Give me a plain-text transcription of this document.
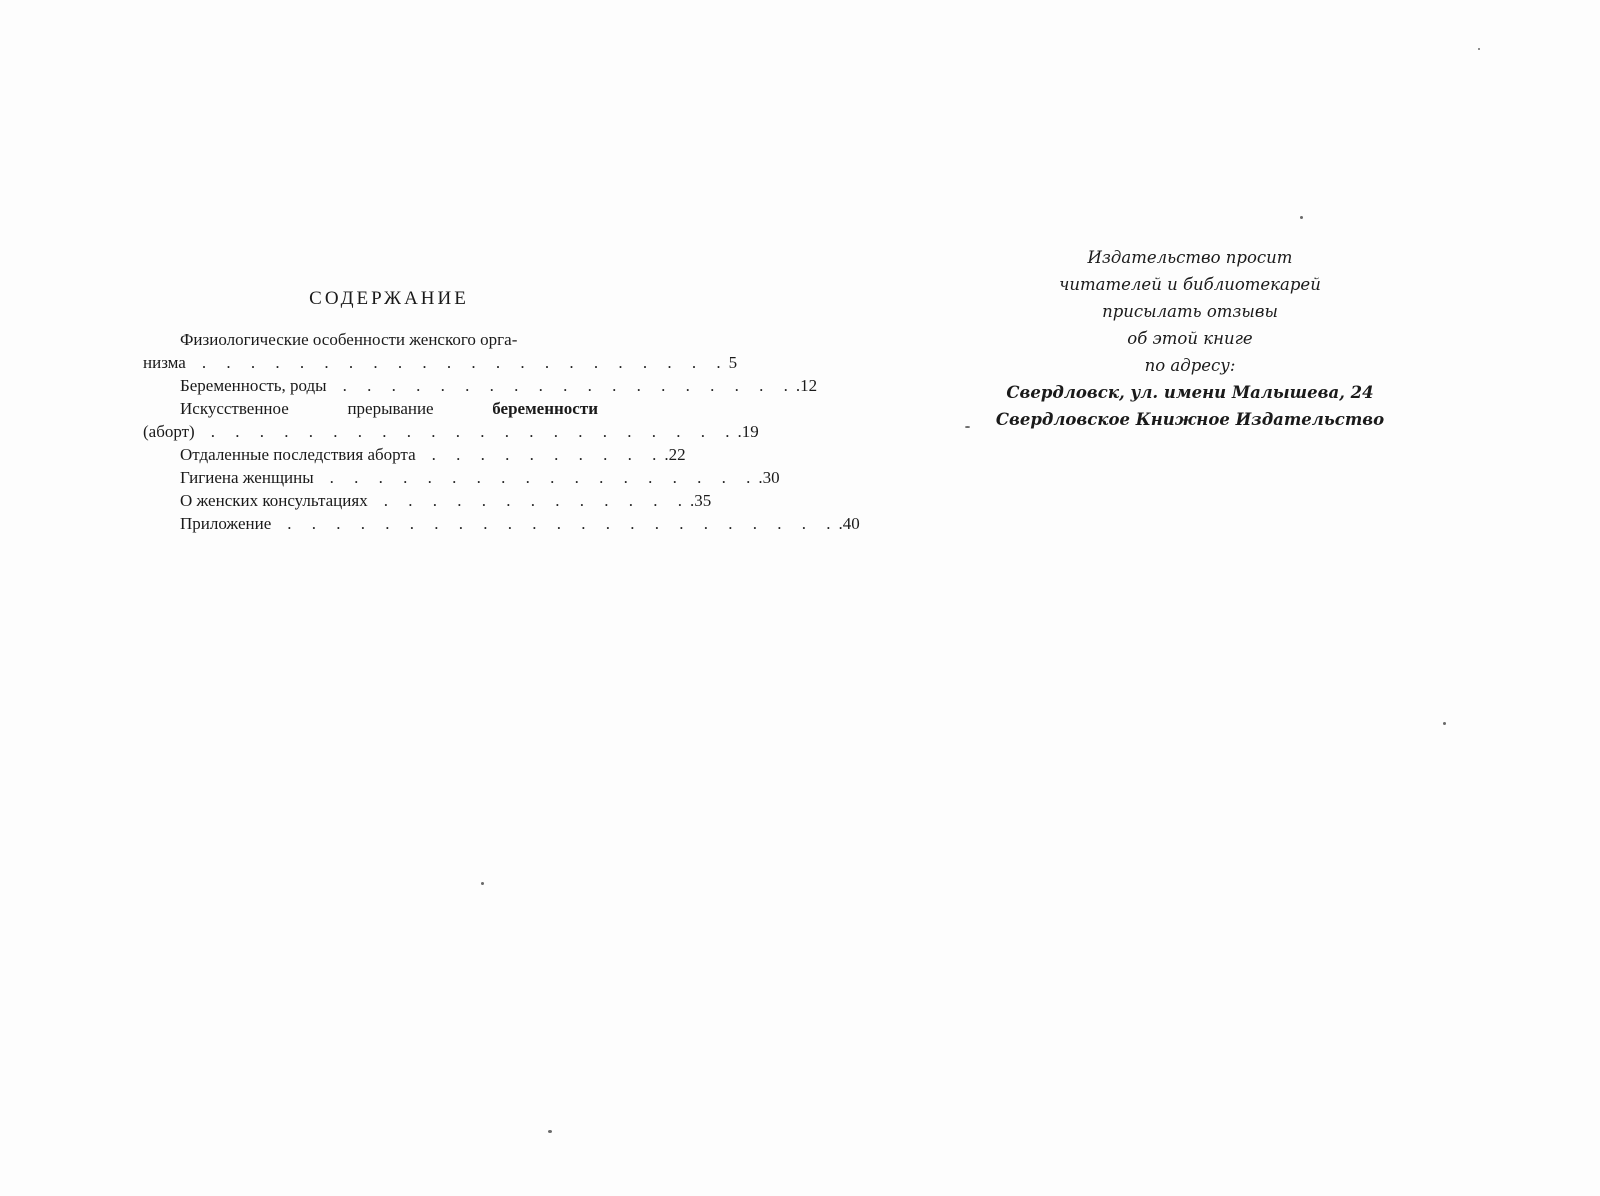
СОДЕРЖАНИЕ
Физиологические особенности женского орга-
низма . . . . . . . . . . . . . . . . . . . . . . 5
Беременность, роды . . . . . . . . . . . . . . . . . . . .12
Искусственное	прерывание	беременности
(аборт) . . . . . . . . . . . . . . . . . . . . . . .19
Отдаленные последствия аборта . . . . . . . . . . .22
Гигиена женщины . . . . . . . . . . . . . . . . . . .30
О женских консультациях . . . . . . . . . . . . . .35
Приложение . . . . . . . . . . . . . . . . . . . . . . . .40
Издательство просит
читателей и библиотекарей
присылать отзывы
об этой книге
по адресу:
Свердловск, ул. имени Малышева, 24
Свердловское Книжное Издательство
